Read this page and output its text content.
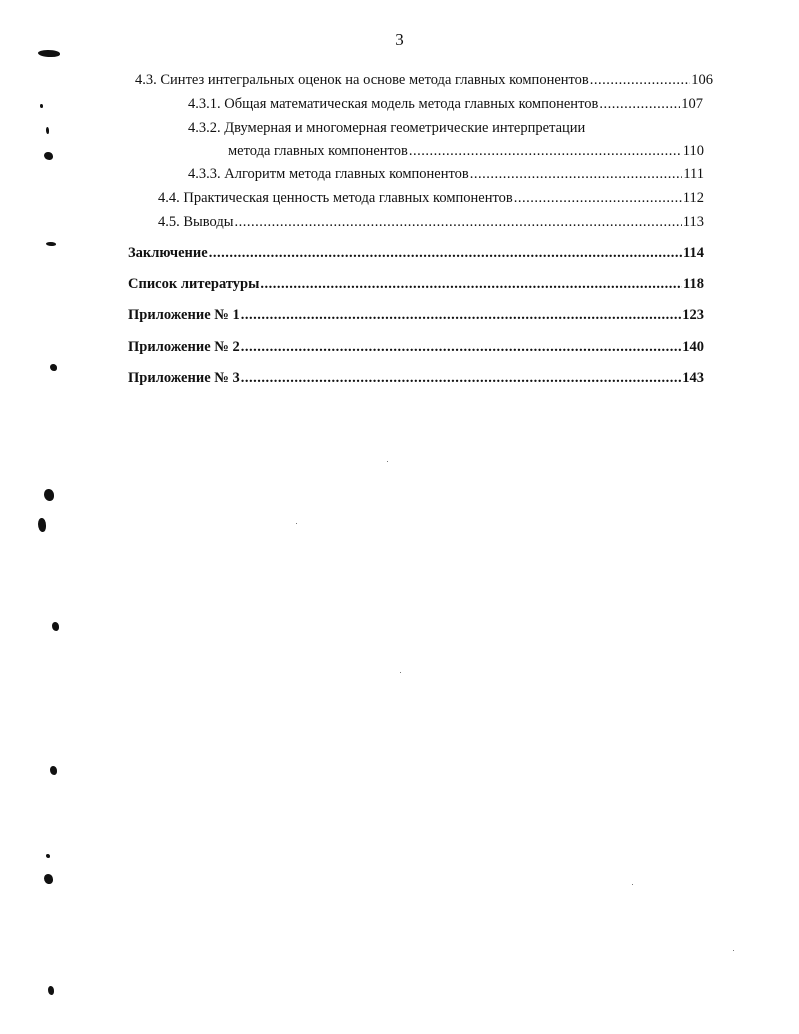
3
4.3. Синтез интегральных оценок на основе метода главных компонентов .....	106
4.3.1. Общая математическая модель метода главных компонентов .....	107
4.3.2. Двумерная и многомерная геометрические интерпретации
метода главных компонентов .....	110
4.3.3. Алгоритм метода главных компонентов .....	111
4.4. Практическая ценность метода главных компонентов .....	112
4.5. Выводы .....	113
Заключение .....	114
Список литературы .....	118
Приложение № 1 .....	123
Приложение № 2 .....	140
Приложение № 3 .....	143
